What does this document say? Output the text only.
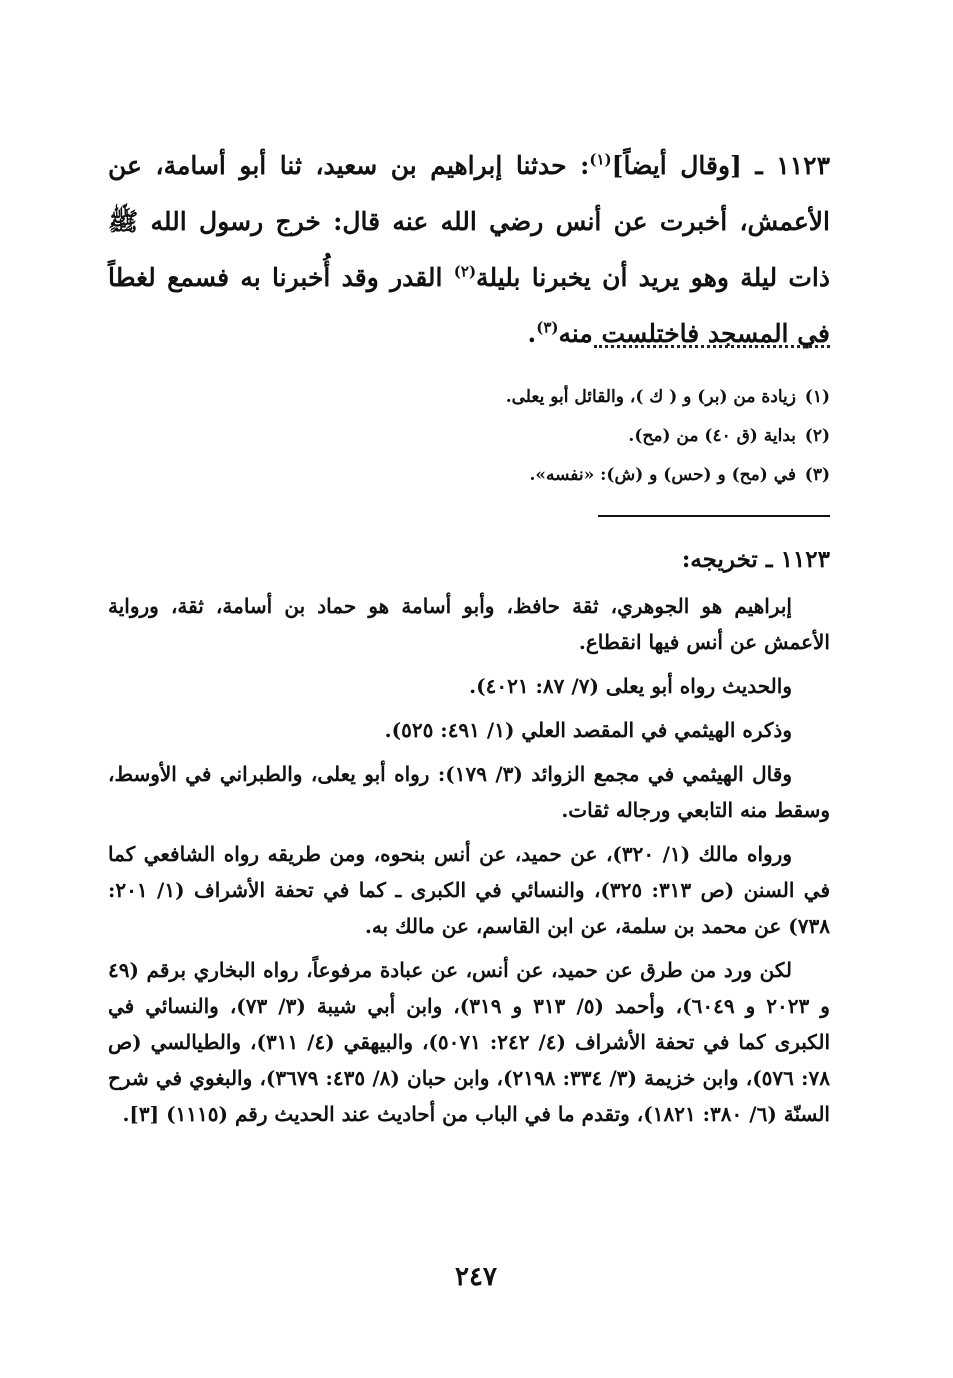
١١٢٣ ـ [وقال أيضاً]$^{(١)}$: حدثنا إبراهيم بن سعيد، ثنا أبو أسامة، عن الأعمش، أخبرت عن أنس رضي الله عنه قال: خرج رسول الله ﷺ ذات ليلة وهو يريد أن يخبرنا بليلة$^{(٢)}$ القدر وقد أُخبرنا به فسمع لغطاً في المسجد فاختلست منه$^{(٣)}$.

(١)زيادة من (بر) و ( ك )، والقائل أبو يعلى.

(٢)بداية (ق ٤٠) من (مح).

(٣)في (مح) و (حس) و (ش): «نفسه».

١١٢٣ ـ تخريجه:

إبراهيم هو الجوهري، ثقة حافظ، وأبو أسامة هو حماد بن أسامة، ثقة، ورواية الأعمش عن أنس فيها انقطاع.

والحديث رواه أبو يعلى (٧/ ٨٧: ٤٠٢١).

وذكره الهيثمي في المقصد العلي (١/ ٤٩١: ٥٢٥).

وقال الهيثمي في مجمع الزوائد (٣/ ١٧٩): رواه أبو يعلى، والطبراني في الأوسط، وسقط منه التابعي ورجاله ثقات.

ورواه مالك (١/ ٣٢٠)، عن حميد، عن أنس بنحوه، ومن طريقه رواه الشافعي كما في السنن (ص ٣١٣: ٣٢٥)، والنسائي في الكبرى ـ كما في تحفة الأشراف (١/ ٢٠١: ٧٣٨) عن محمد بن سلمة، عن ابن القاسم، عن مالك به.

لكن ورد من طرق عن حميد، عن أنس، عن عبادة مرفوعاً، رواه البخاري برقم (٤٩ و ٢٠٢٣ و ٦٠٤٩)، وأحمد (٥/ ٣١٣ و ٣١٩)، وابن أبي شيبة (٣/ ٧٣)، والنسائي في الكبرى كما في تحفة الأشراف (٤/ ٢٤٢: ٥٠٧١)، والبيهقي (٤/ ٣١١)، والطيالسي (ص ٧٨: ٥٧٦)، وابن خزيمة (٣/ ٣٣٤: ٢١٩٨)، وابن حبان (٨/ ٤٣٥: ٣٦٧٩)، والبغوي في شرح السنّة (٦/ ٣٨٠: ١٨٢١)، وتقدم ما في الباب من أحاديث عند الحديث رقم (١١١٥) [٣].

٢٤٧
